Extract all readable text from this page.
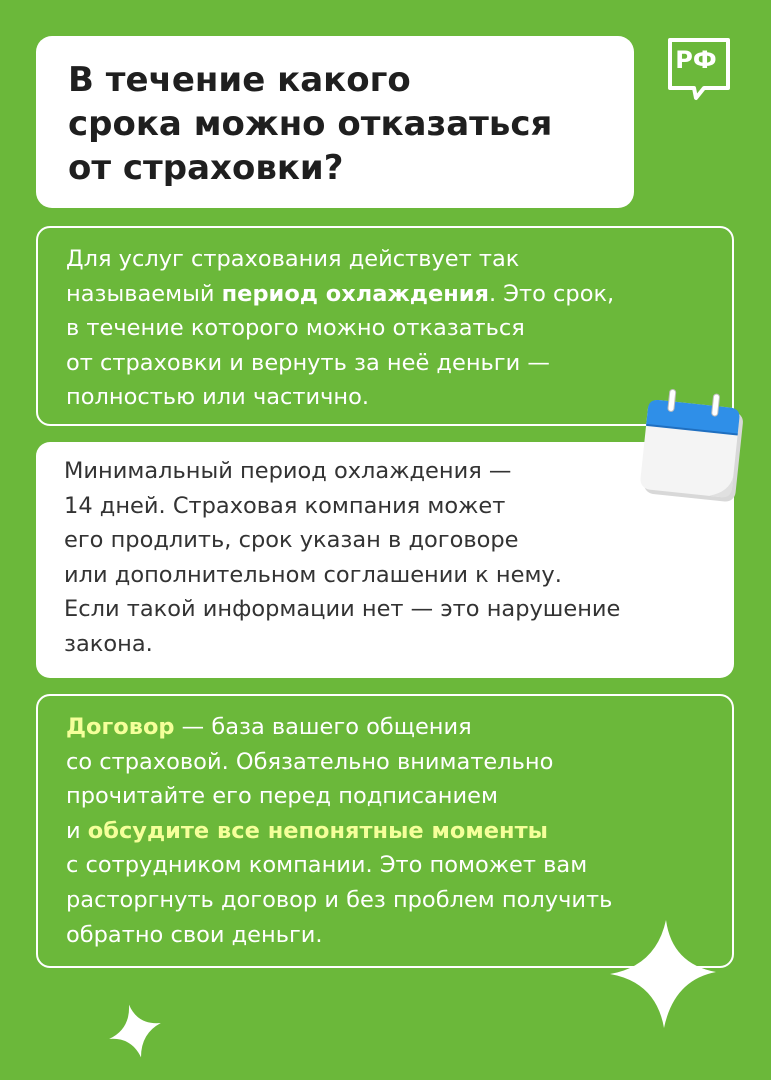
В течение какого
срока можно отказаться
от страховки?
РФ

Для услуг страхования действует так
называемый период охлаждения. Это срок,
в течение которого можно отказаться
от страховки и вернуть за неё деньги —
полностью или частично.

Минимальный период охлаждения —
14 дней. Страховая компания может
его продлить, срок указан в договоре
или дополнительном соглашении к нему.
Если такой информации нет — это нарушение
закона.

Договор — база вашего общения
со страховой. Обязательно внимательно
прочитайте его перед подписанием
и обсудите все непонятные моменты
с сотрудником компании. Это поможет вам
расторгнуть договор и без проблем получить
обратно свои деньги.
